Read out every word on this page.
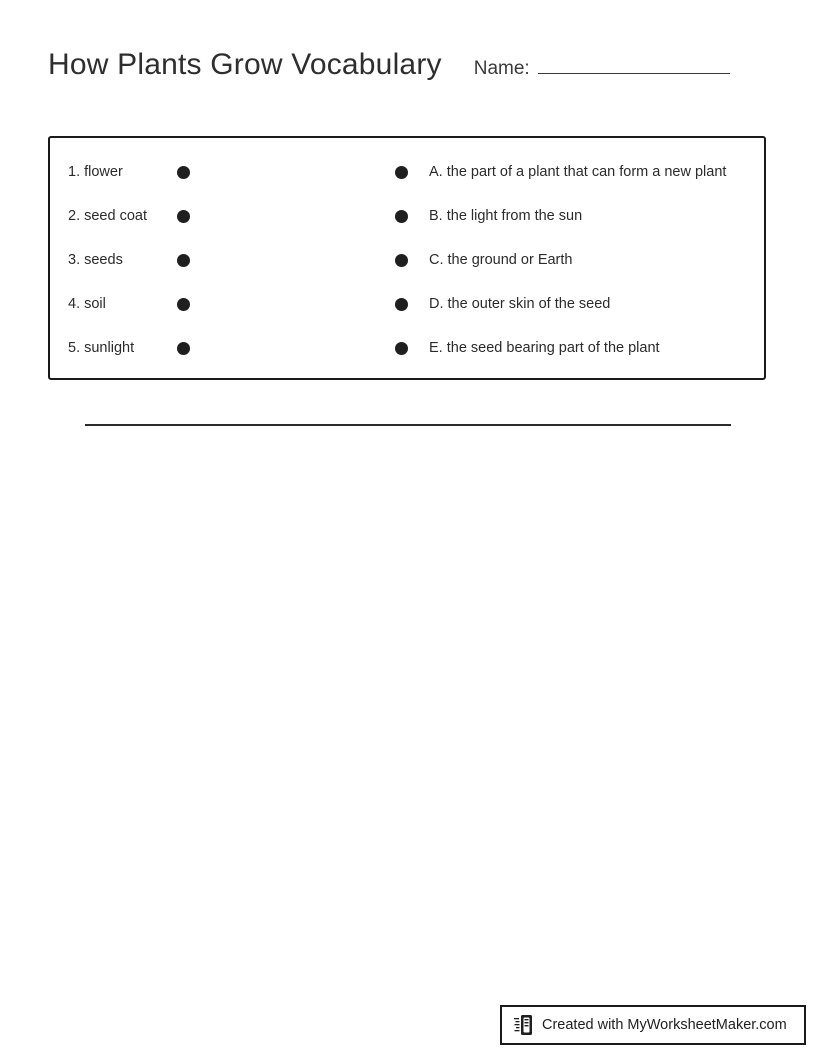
How Plants Grow Vocabulary Name:
1. flower	A. the part of a plant that can form a new plant
2. seed coat	B. the light from the sun
3. seeds	C. the ground or Earth
4. soil	D. the outer skin of the seed
5. sunlight	E. the seed bearing part of the plant
Created with MyWorksheetMaker.com
